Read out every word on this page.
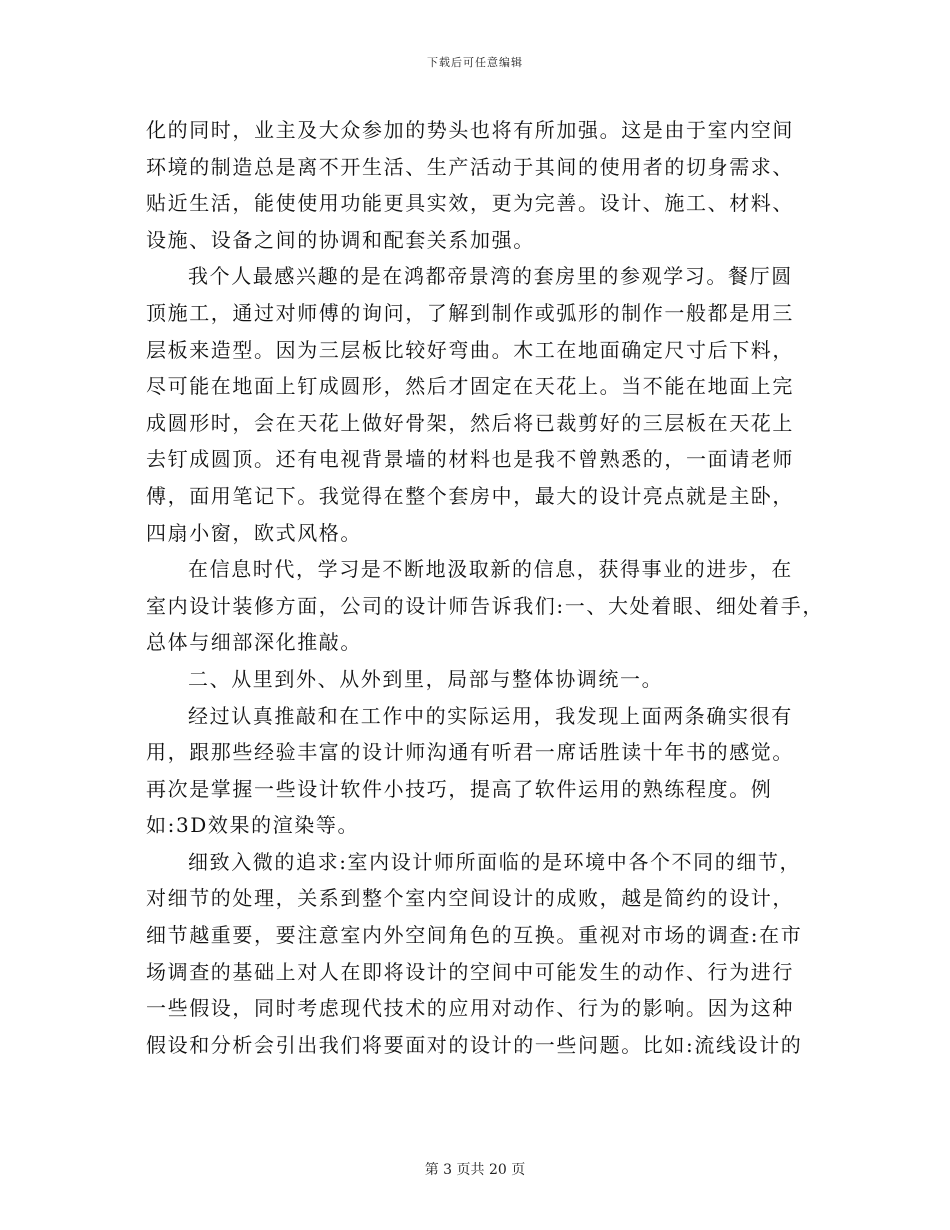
下载后可任意编辑
化的同时，业主及大众参加的势头也将有所加强。这是由于室内空间
环境的制造总是离不开生活、生产活动于其间的使用者的切身需求、
贴近生活，能使使用功能更具实效，更为完善。设计、施工、材料、
设施、设备之间的协调和配套关系加强。
我个人最感兴趣的是在鸿都帝景湾的套房里的参观学习。餐厅圆
顶施工，通过对师傅的询问，了解到制作或弧形的制作一般都是用三
层板来造型。因为三层板比较好弯曲。木工在地面确定尺寸后下料，
尽可能在地面上钉成圆形，然后才固定在天花上。当不能在地面上完
成圆形时，会在天花上做好骨架，然后将已裁剪好的三层板在天花上
去钉成圆顶。还有电视背景墙的材料也是我不曾熟悉的，一面请老师
傅，面用笔记下。我觉得在整个套房中，最大的设计亮点就是主卧，
四扇小窗，欧式风格。
在信息时代，学习是不断地汲取新的信息，获得事业的进步，在
室内设计装修方面，公司的设计师告诉我们:一、大处着眼、细处着手，
总体与细部深化推敲。
二、从里到外、从外到里，局部与整体协调统一。
经过认真推敲和在工作中的实际运用，我发现上面两条确实很有
用，跟那些经验丰富的设计师沟通有听君一席话胜读十年书的感觉。
再次是掌握一些设计软件小技巧，提高了软件运用的熟练程度。例
如:3D效果的渲染等。
细致入微的追求:室内设计师所面临的是环境中各个不同的细节，
对细节的处理，关系到整个室内空间设计的成败，越是简约的设计，
细节越重要，要注意室内外空间角色的互换。重视对市场的调查:在市
场调查的基础上对人在即将设计的空间中可能发生的动作、行为进行
一些假设，同时考虑现代技术的应用对动作、行为的影响。因为这种
假设和分析会引出我们将要面对的设计的一些问题。比如:流线设计的
第 3 页共 20 页
